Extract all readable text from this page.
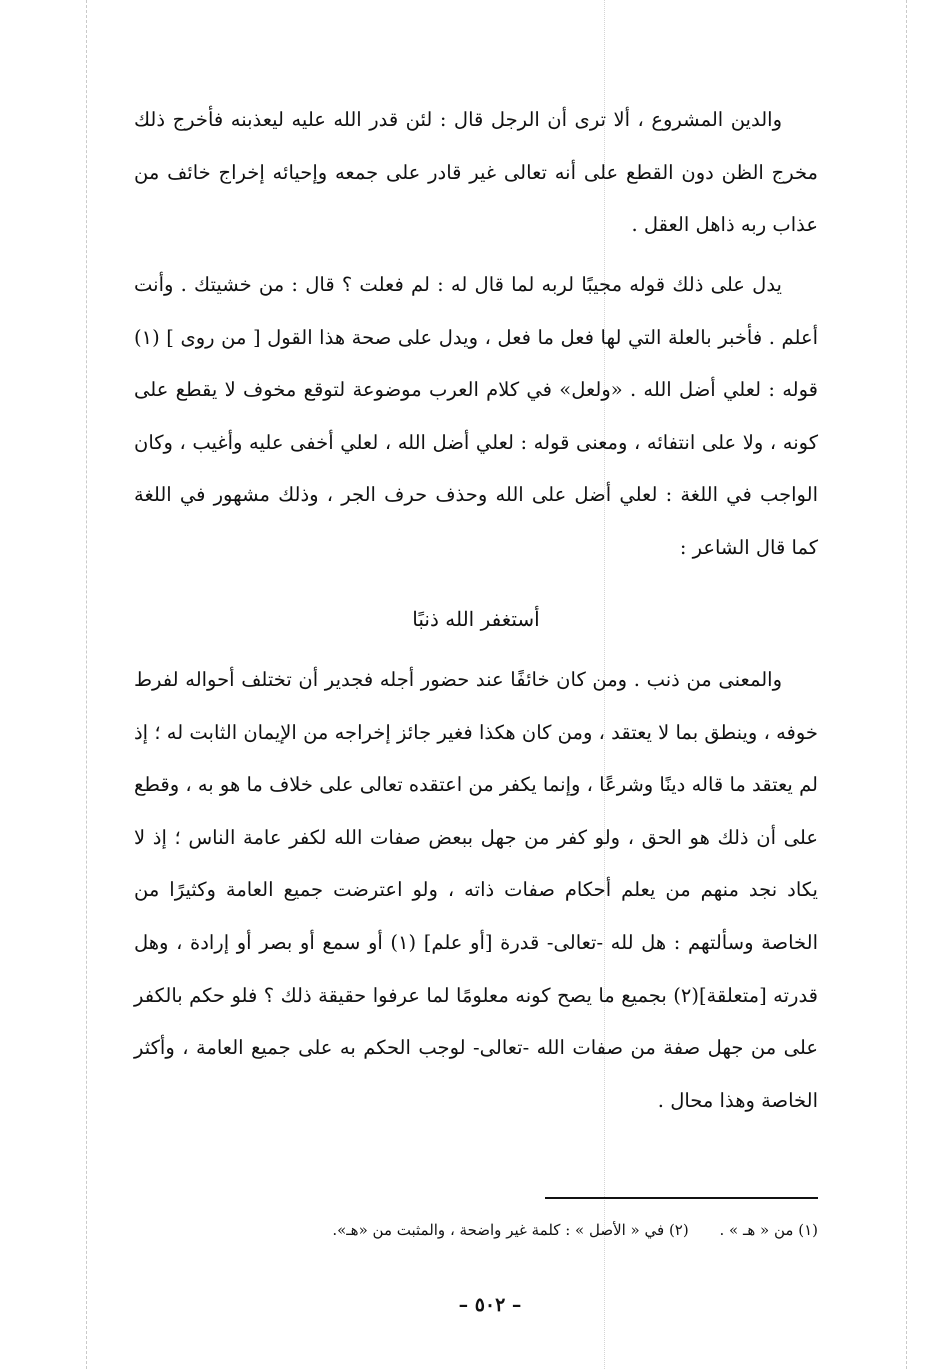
والدين المشروع ، ألا ترى أن الرجل قال : لئن قدر الله عليه ليعذبنه فأخرج ذلك مخرج الظن دون القطع على أنه تعالى غير قادر على جمعه وإحيائه إخراج خائف من عذاب ربه ذاهل العقل .

يدل على ذلك قوله مجيبًا لربه لما قال له : لم فعلت ؟ قال : من خشيتك . وأنت أعلم . فأخبر بالعلة التي لها فعل ما فعل ، ويدل على صحة هذا القول [ من روى ] (١) قوله : لعلي أضل الله . «ولعل» في كلام العرب موضوعة لتوقع مخوف لا يقطع على كونه ، ولا على انتفائه ، ومعنى قوله : لعلي أضل الله ، لعلي أخفى عليه وأغيب ، وكان الواجب في اللغة : لعلي أضل على الله وحذف حرف الجر ، وذلك مشهور في اللغة كما قال الشاعر :

أستغفر الله ذنبًا

والمعنى من ذنب . ومن كان خائفًا عند حضور أجله فجدير أن تختلف أحواله لفرط خوفه ، وينطق بما لا يعتقد ، ومن كان هكذا فغير جائز إخراجه من الإيمان الثابت له ؛ إذ لم يعتقد ما قاله دينًا وشرعًا ، وإنما يكفر من اعتقده تعالى على خلاف ما هو به ، وقطع على أن ذلك هو الحق ، ولو كفر من جهل ببعض صفات الله لكفر عامة الناس ؛ إذ لا يكاد نجد منهم من يعلم أحكام صفات ذاته ، ولو اعترضت جميع العامة وكثيرًا من الخاصة وسألتهم : هل لله -تعالى- قدرة [أو علم] (١) أو سمع أو بصر أو إرادة ، وهل قدرته [متعلقة](٢) بجميع ما يصح كونه معلومًا لما عرفوا حقيقة ذلك ؟ فلو حكم بالكفر على من جهل صفة من صفات الله -تعالى- لوجب الحكم به على جميع العامة ، وأكثر الخاصة وهذا محال .

(١) من « هـ » . (٢) في « الأصل » : كلمة غير واضحة ، والمثبت من «هـ».
– ٥٠٢ –
